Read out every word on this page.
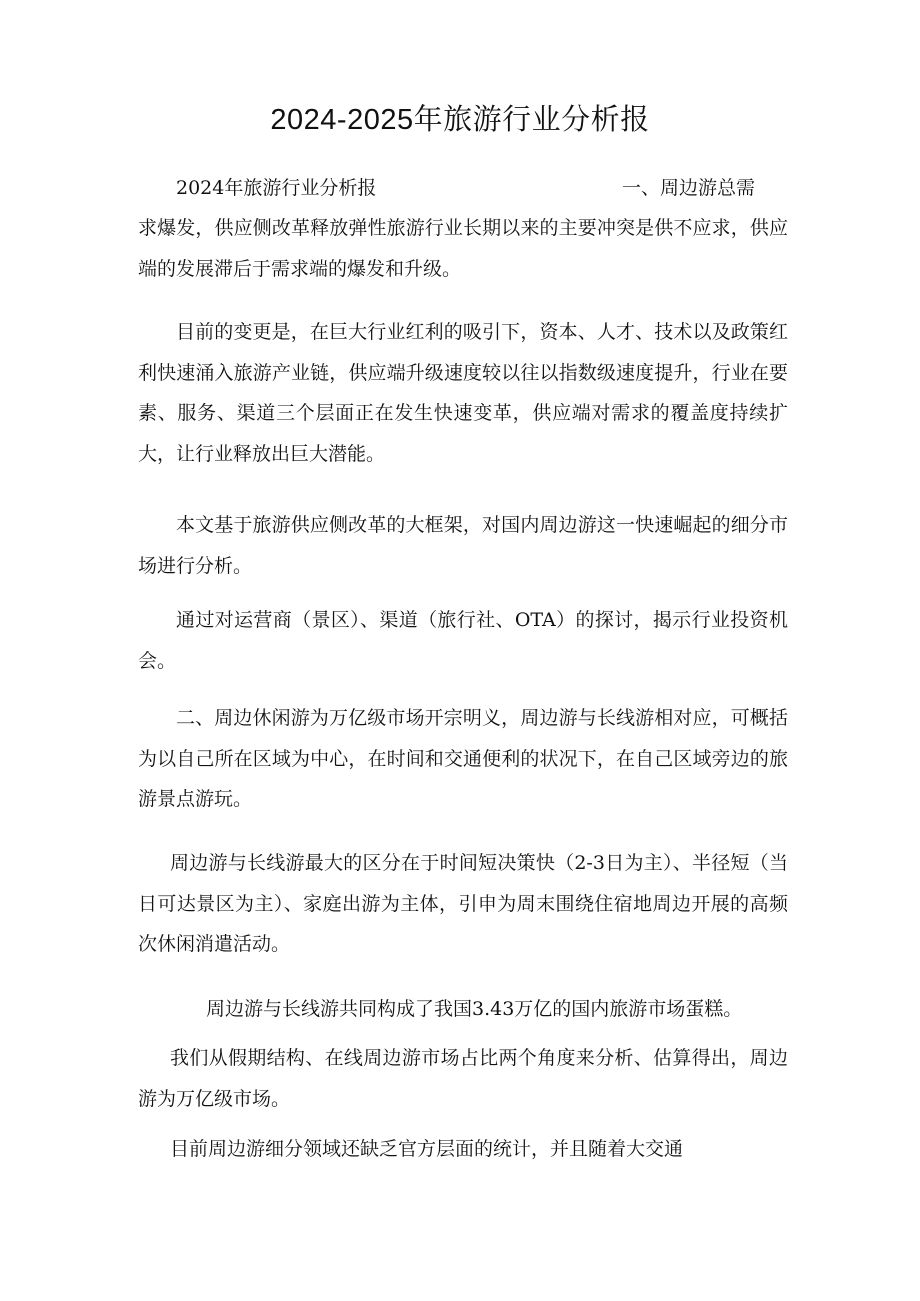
2024-2025年旅游行业分析报

2024年旅游行业分析报	一、周边游总需

求爆发，供应侧改革释放弹性旅游行业长期以来的主要冲突是供不应求，供应端的发展滞后于需求端的爆发和升级。

目前的变更是，在巨大行业红利的吸引下，资本、人才、技术以及政策红利快速涌入旅游产业链，供应端升级速度较以往以指数级速度提升，行业在要素、服务、渠道三个层面正在发生快速变革，供应端对需求的覆盖度持续扩大，让行业释放出巨大潜能。

本文基于旅游供应侧改革的大框架，对国内周边游这一快速崛起的细分市场进行分析。

通过对运营商（景区）、渠道（旅行社、OTA）的探讨，揭示行业投资机会。

二、周边休闲游为万亿级市场开宗明义，周边游与长线游相对应，可概括为以自己所在区域为中心，在时间和交通便利的状况下，在自己区域旁边的旅游景点游玩。

周边游与长线游最大的区分在于时间短决策快（2-3日为主）、半径短（当日可达景区为主）、家庭出游为主体，引申为周末围绕住宿地周边开展的高频次休闲消遣活动。

周边游与长线游共同构成了我国3.43万亿的国内旅游市场蛋糕。

我们从假期结构、在线周边游市场占比两个角度来分析、估算得出，周边游为万亿级市场。

目前周边游细分领域还缺乏官方层面的统计，并且随着大交通
